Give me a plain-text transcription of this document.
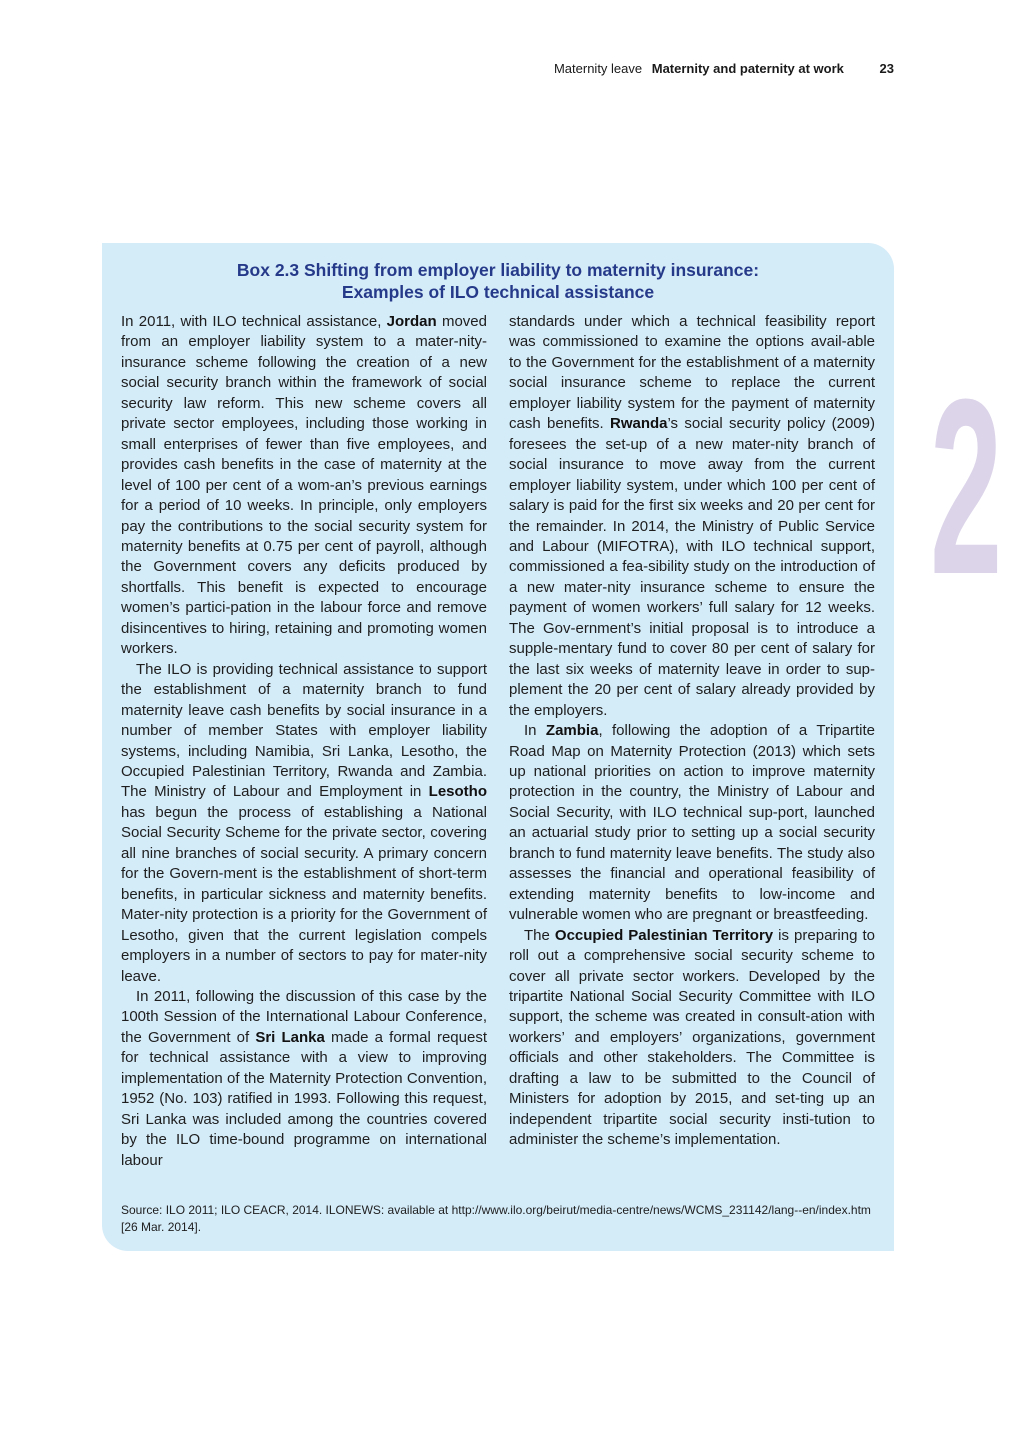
Maternity leave Maternity and paternity at work	23
2
Box 2.3 Shifting from employer liability to maternity insurance:
Examples of ILO technical assistance

In 2011, with ILO technical assistance, Jordan moved from an employer liability system to a mater-nity- insurance scheme following the creation of a new social security branch within the framework of social security law reform. This new scheme covers all private sector employees, including those working in small enterprises of fewer than five employees, and provides cash benefits in the case of maternity at the level of 100 per cent of a wom-an’s previous earnings for a period of 10 weeks. In principle, only employers pay the contributions to the social security system for maternity benefits at 0.75 per cent of payroll, although the Government covers any deficits produced by shortfalls. This benefit is expected to encourage women’s partici-pation in the labour force and remove disincentives to hiring, retaining and promoting women workers.

The ILO is providing technical assistance to support the establishment of a maternity branch to fund maternity leave cash benefits by social insurance in a number of member States with employer liability systems, including Namibia, Sri Lanka, Lesotho, the Occupied Palestinian Territory, Rwanda and Zambia. The Ministry of Labour and Employment in Lesotho has begun the process of establishing a National Social Security Scheme for the private sector, covering all nine branches of social security. A primary concern for the Govern-ment is the establishment of short-term benefits, in particular sickness and maternity benefits. Mater-nity protection is a priority for the Government of Lesotho, given that the current legislation compels employers in a number of sectors to pay for mater-nity leave.

In 2011, following the discussion of this case by the 100th Session of the International Labour Conference, the Government of Sri Lanka made a formal request for technical assistance with a view to improving implementation of the Maternity Protection Convention, 1952 (No. 103) ratified in 1993. Following this request, Sri Lanka was included among the countries covered by the ILO time-bound programme on international labour

standards under which a technical feasibility report was commissioned to examine the options avail-able to the Government for the establishment of a maternity social insurance scheme to replace the current employer liability system for the payment of maternity cash benefits. Rwanda’s social security policy (2009) foresees the set-up of a new mater-nity branch of social insurance to move away from the current employer liability system, under which 100 per cent of salary is paid for the first six weeks and 20 per cent for the remainder. In 2014, the Ministry of Public Service and Labour (MIFOTRA), with ILO technical support, commissioned a fea-sibility study on the introduction of a new mater-nity insurance scheme to ensure the payment of women workers’ full salary for 12 weeks. The Gov-ernment’s initial proposal is to introduce a supple-mentary fund to cover 80 per cent of salary for the last six weeks of maternity leave in order to sup-plement the 20 per cent of salary already provided by the employers.

In Zambia, following the adoption of a Tripartite Road Map on Maternity Protection (2013) which sets up national priorities on action to improve maternity protection in the country, the Ministry of Labour and Social Security, with ILO technical sup-port, launched an actuarial study prior to setting up a social security branch to fund maternity leave benefits. The study also assesses the financial and operational feasibility of extending maternity benefits to low-income and vulnerable women who are pregnant or breastfeeding.

The Occupied Palestinian Territory is preparing to roll out a comprehensive social security scheme to cover all private sector workers. Developed by the tripartite National Social Security Committee with ILO support, the scheme was created in consult-ation with workers’ and employers’ organizations, government officials and other stakeholders. The Committee is drafting a law to be submitted to the Council of Ministers for adoption by 2015, and set-ting up an independent tripartite social security insti-tution to administer the scheme’s implementation.

Source: ILO 2011; ILO CEACR, 2014. ILONEWS: available at http://www.ilo.org/beirut/media-centre/news/WCMS_231142/lang--en/index.htm [26 Mar. 2014].
